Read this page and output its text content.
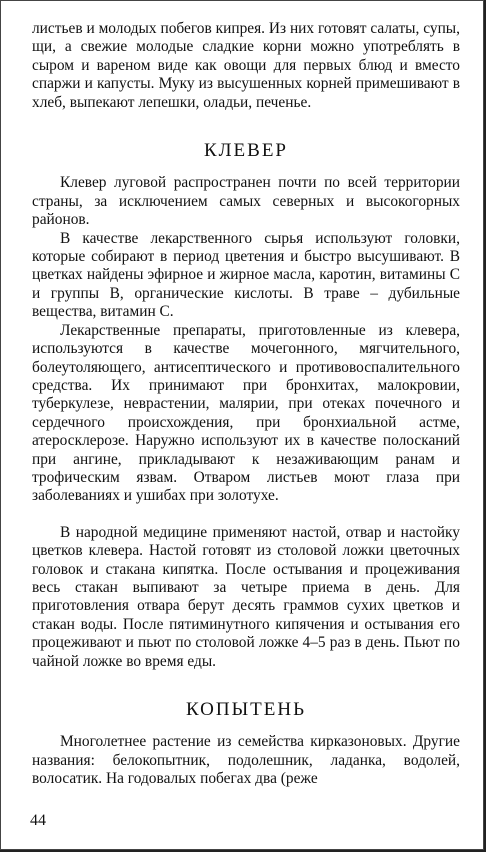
листьев и молодых побегов кипрея. Из них готовят салаты, супы, щи, а свежие молодые сладкие корни можно употреблять в сыром и вареном виде как овощи для первых блюд и вместо спаржи и капусты. Муку из высушенных корней примешивают в хлеб, выпекают лепешки, оладьи, печенье.

КЛЕВЕР

Клевер луговой распространен почти по всей территории страны, за исключением самых северных и высокогорных районов.

В качестве лекарственного сырья используют головки, которые собирают в период цветения и быстро высушивают. В цветках найдены эфирное и жирное масла, каротин, витамины С и группы В, органические кислоты. В траве – дубильные вещества, витамин С.

Лекарственные препараты, приготовленные из клевера, используются в качестве мочегонного, мягчительного, болеутоляющего, антисептического и противовоспалительного средства. Их принимают при бронхитах, малокровии, туберкулезе, неврастении, малярии, при отеках почечного и сердечного происхождения, при бронхиальной астме, атеросклерозе. Наружно используют их в качестве полосканий при ангине, прикладывают к незаживающим ранам и трофическим язвам. Отваром листьев моют глаза при заболеваниях и ушибах при золотухе.

В народной медицине применяют настой, отвар и настойку цветков клевера. Настой готовят из столовой ложки цветочных головок и стакана кипятка. После остывания и процеживания весь стакан выпивают за четыре приема в день. Для приготовления отвара берут десять граммов сухих цветков и стакан воды. После пятиминутного кипячения и остывания его процеживают и пьют по столовой ложке 4–5 раз в день. Пьют по чайной ложке во время еды.

КОПЫТЕНЬ

Многолетнее растение из семейства кирказоновых. Другие названия: белокопытник, подолешник, ладанка, водолей, волосатик. На годовалых побегах два (реже

44
